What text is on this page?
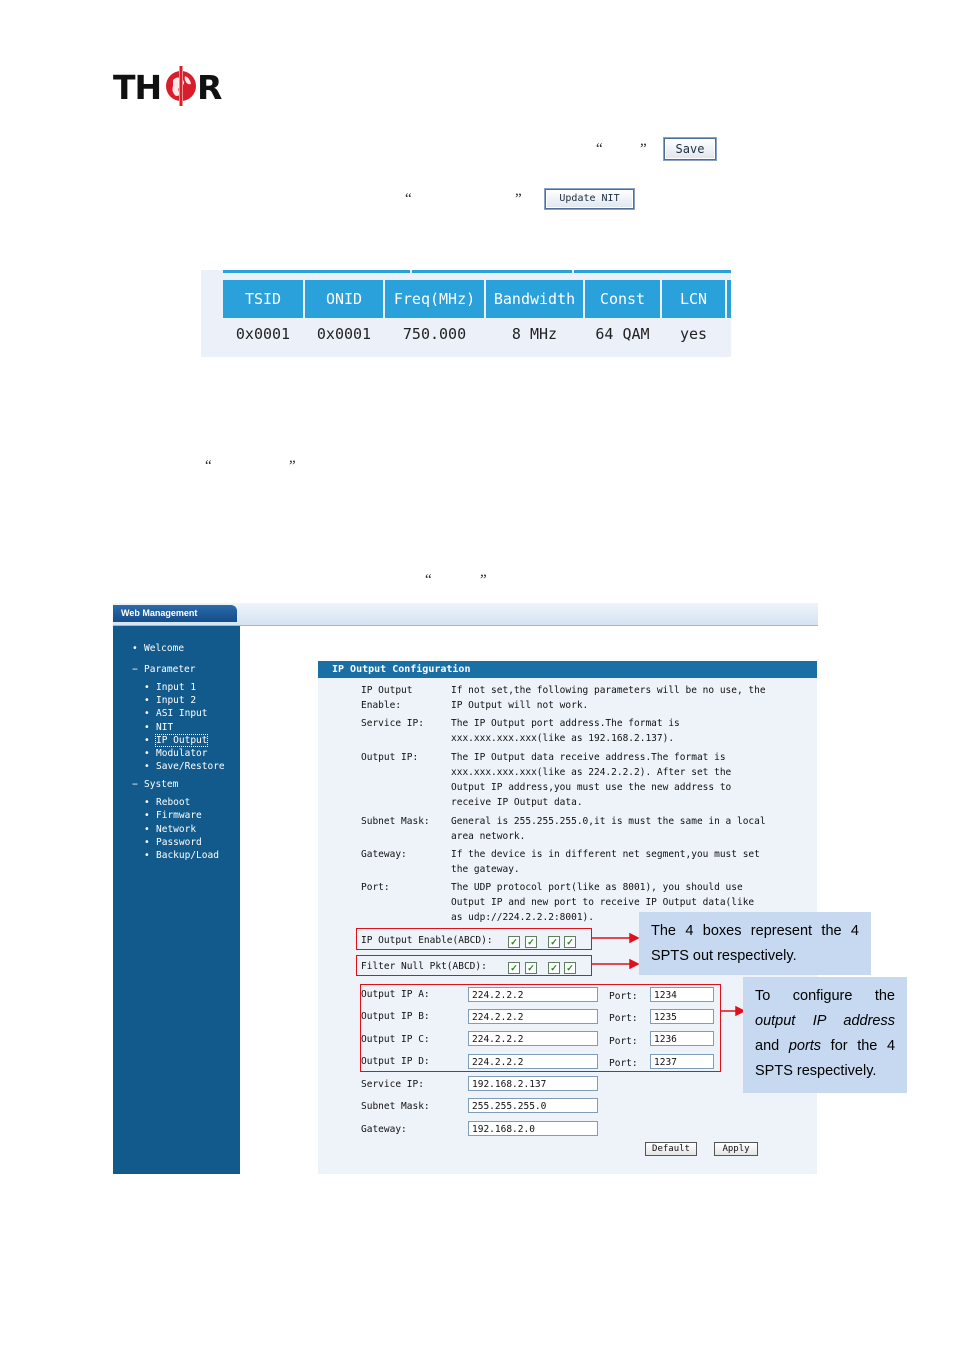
TH R
“ ”	Save
“	”	Update NIT
TSID	ONID	Freq(MHz)	Bandwidth	Const	LCN
0x0001	0x0001	750.000	8 MHz	64 QAM	yes
“	”
“	”
Web Management
• Welcome
− Parameter
• Input 1
• Input 2
• ASI Input
• NIT
• IP Output
• Modulator
• Save/Restore
− System
• Reboot
• Firmware
• Network
• Password
• Backup/Load
IP Output Configuration
IP Output
Enable:
If not set,the following parameters will be no use, the
IP Output will not work.
Service IP:	The IP Output port address.The format is
xxx.xxx.xxx.xxx(like as 192.168.2.137).
Output IP:	The IP Output data receive address.The format is
xxx.xxx.xxx.xxx(like as 224.2.2.2). After set the
Output IP address,you must use the new address to
receive IP Output data.
Subnet Mask: General is 255.255.255.0,it is must the same in a local
area network.
Gateway:	If the device is in different net segment,you must set
the gateway.
Port:	The UDP protocol port(like as 8001), you should use
Output IP and new port to receive IP Output data(like
as udp://224.2.2.2:8001).
IP Output Enable(ABCD): ✓ ✓ ✓ ✓
Filter Null Pkt(ABCD):	✓ ✓ ✓ ✓
Output IP A:	224.2.2.2	Port:	1234
Output IP B:	224.2.2.2	Port:	1235
Output IP C:	224.2.2.2	Port:	1236
Output IP D:	224.2.2.2	Port:	1237
Service IP:	192.168.2.137
Subnet Mask:	255.255.255.0
Gateway:	192.168.2.0
Default	Apply
The 4 boxes represent the 4 SPTS out respectively.
To configure the output IP address and ports for the 4 SPTS respectively.
